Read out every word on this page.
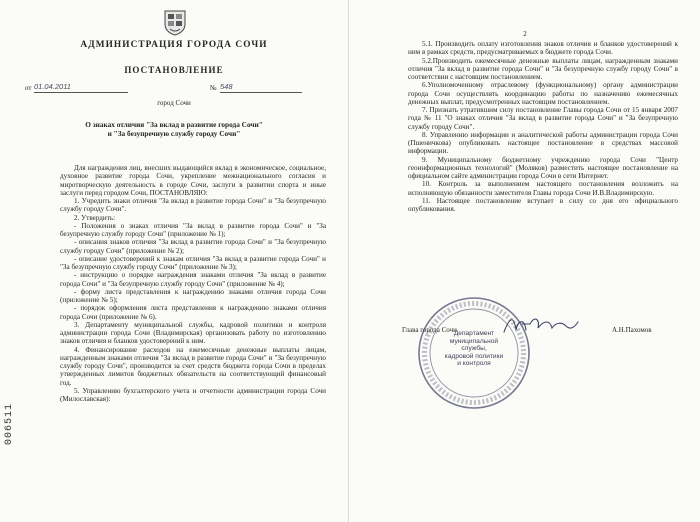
АДМИНИСТРАЦИЯ ГОРОДА СОЧИ
ПОСТАНОВЛЕНИЕ
от 01.04.2011	№ 548
город Сочи
О знаках отличия "За вклад в развитие города Сочи"
и "За безупречную службу городу Сочи"
006511

Для награждения лиц, внесших выдающийся вклад в экономическое, социальное, духовное развитие города Сочи, укрепление межнационального согласия и миротворческую деятельность в городе Сочи, заслуги в развитии спорта и иные заслуги перед городом Сочи, ПОСТАНОВЛЯЮ:

1. Учредить знаки отличия "За вклад в развитие города Сочи" и "За безупречную службу городу Сочи".

2. Утвердить:

- Положения о знаках отличия "За вклад в развитие города Сочи" и "За безупречную службу городу Сочи" (приложение № 1);

- описания знаков отличия "За вклад в развитие города Сочи" и "За безупречную службу городу Сочи" (приложение № 2);

- описание удостоверений к знакам отличия "За вклад в развитие города Сочи" и "За безупречную службу городу Сочи" (приложение № 3);

- инструкцию о порядке награждения знаками отличия "За вклад в развитие города Сочи" и "За безупречную службу городу Сочи" (приложение № 4);

- форму листа представления к награждению знаками отличия города Сочи (приложение № 5);

- порядок оформления листа представления к награждению знаками отличия города Сочи (приложение № 6).

3. Департаменту муниципальной службы, кадровой политики и контроля администрации города Сочи (Владимирская) организовать работу по изготовлению знаков отличия и бланков удостоверений к ним.

4. Финансирование расходов на ежемесячные денежные выплаты лицам, награжденным знаками отличия "За вклад в развитие города Сочи" и "За безупречную службу городу Сочи", производится за счет средств бюджета города Сочи в пределах утвержденных лимитов бюджетных обязательств на соответствующий финансовый год.

5. Управлению бухгалтерского учета и отчетности администрации города Сочи (Милославская):

2

5.1. Производить оплату изготовления знаков отличия и бланков удостоверений к ним в рамках средств, предусматриваемых в бюджете города Сочи.

5.2.Производить ежемесячные денежные выплаты лицам, награжденным знаками отличия "За вклад в развитие города Сочи" и "За безупречную службу городу Сочи" в соответствии с настоящим постановлением.

6.Уполномоченному отраслевому (функциональному) органу администрации города Сочи осуществлять координацию работы по назначению ежемесячных денежных выплат, предусмотренных настоящим постановлением.

7. Признать утратившим силу постановление Главы города Сочи от 15 января 2007 года № 11 "О знаках отличия "За вклад в развитие города Сочи" и "За безупречную службу городу Сочи".

8. Управлению информации и аналитической работы администрации города Сочи (Пшеничкова) опубликовать настоящее постановление в средствах массовой информации.

9. Муниципальному бюджетному учреждению города Сочи "Центр геоинформационных технологий" (Моляков) разместить настоящее постановление на официальном сайте администрации города Сочи в сети Интернет.

10. Контроль за выполнением настоящего постановления возложить на исполняющую обязанности заместителя Главы города Сочи И.В.Владимирскую.

11. Настоящее постановление вступает в силу со дня его официального опубликования.

Департамент
муниципальной
службы,
кадровой политики
и контроля
Глава города Сочи	А.Н.Пахомов
